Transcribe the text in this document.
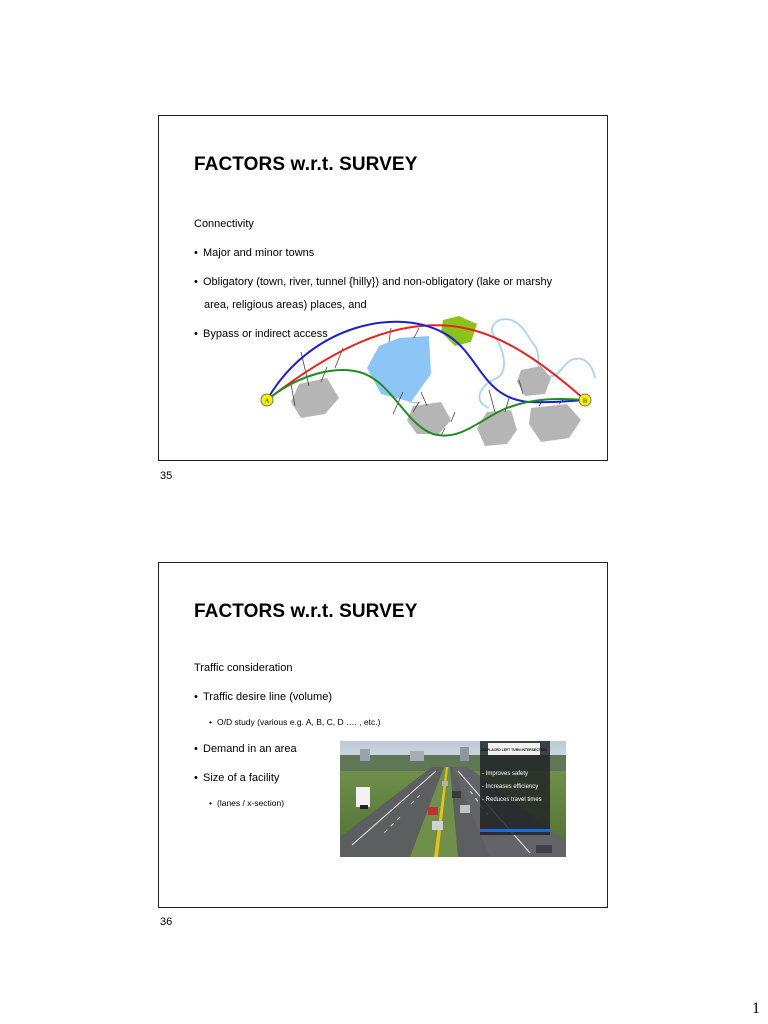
FACTORS w.r.t. SURVEY
Connectivity
• Major and minor towns
• Obligatory (town, river, tunnel {hilly}) and non-obligatory (lake or marshy
area, religious areas) places, and
• Bypass or indirect access
A	B
35
FACTORS w.r.t. SURVEY
Traffic consideration
• Traffic desire line (volume)
• O/D study (various e.g. A, B, C, D …. , etc.)
• Demand in an area
• Size of a facility
• (lanes / x-section)
DISPLACED LEFT TURN INTERSECTION
- Improves safety
- Increases efficiency
- Reduces travel times
36
1
